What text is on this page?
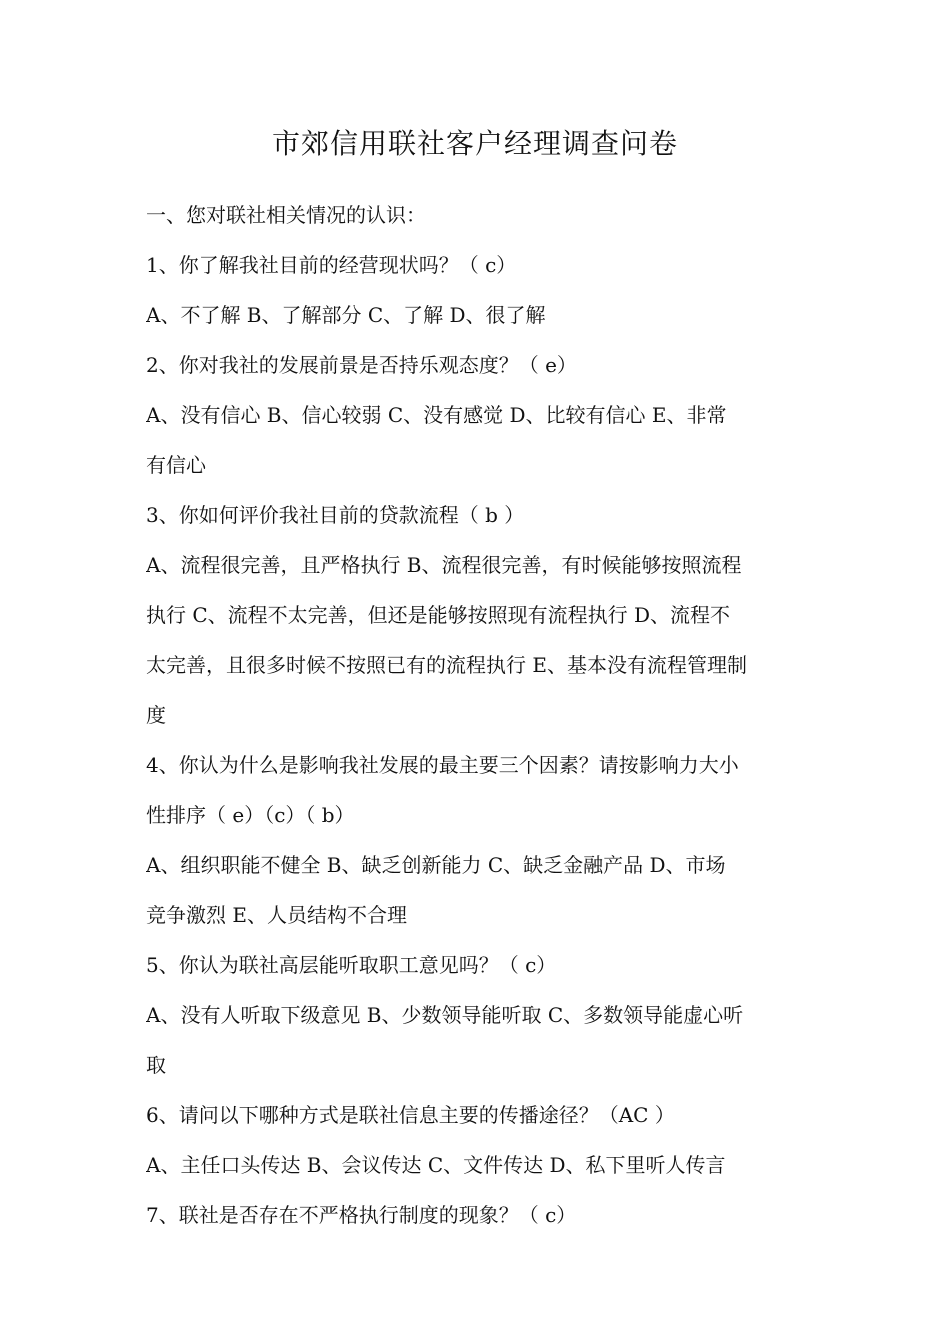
市郊信用联社客户经理调查问卷
一、您对联社相关情况的认识：
1、你了解我社目前的经营现状吗？（ c）
A、不了解 B、了解部分 C、了解 D、很了解
2、你对我社的发展前景是否持乐观态度？（ e）
A、没有信心 B、信心较弱 C、没有感觉 D、比较有信心 E、非常
有信心
3、你如何评价我社目前的贷款流程（ b ）
A、流程很完善，且严格执行 B、流程很完善，有时候能够按照流程
执行 C、流程不太完善，但还是能够按照现有流程执行 D、流程不
太完善，且很多时候不按照已有的流程执行 E、基本没有流程管理制
度
4、你认为什么是影响我社发展的最主要三个因素？请按影响力大小
性排序（ e）（c）（ b）
A、组织职能不健全 B、缺乏创新能力 C、缺乏金融产品 D、市场
竞争激烈 E、人员结构不合理
5、你认为联社高层能听取职工意见吗？（ c）
A、没有人听取下级意见 B、少数领导能听取 C、多数领导能虚心听
取
6、请问以下哪种方式是联社信息主要的传播途径？（AC ）
A、主任口头传达 B、会议传达 C、文件传达 D、私下里听人传言
7、联社是否存在不严格执行制度的现象？（ c）
